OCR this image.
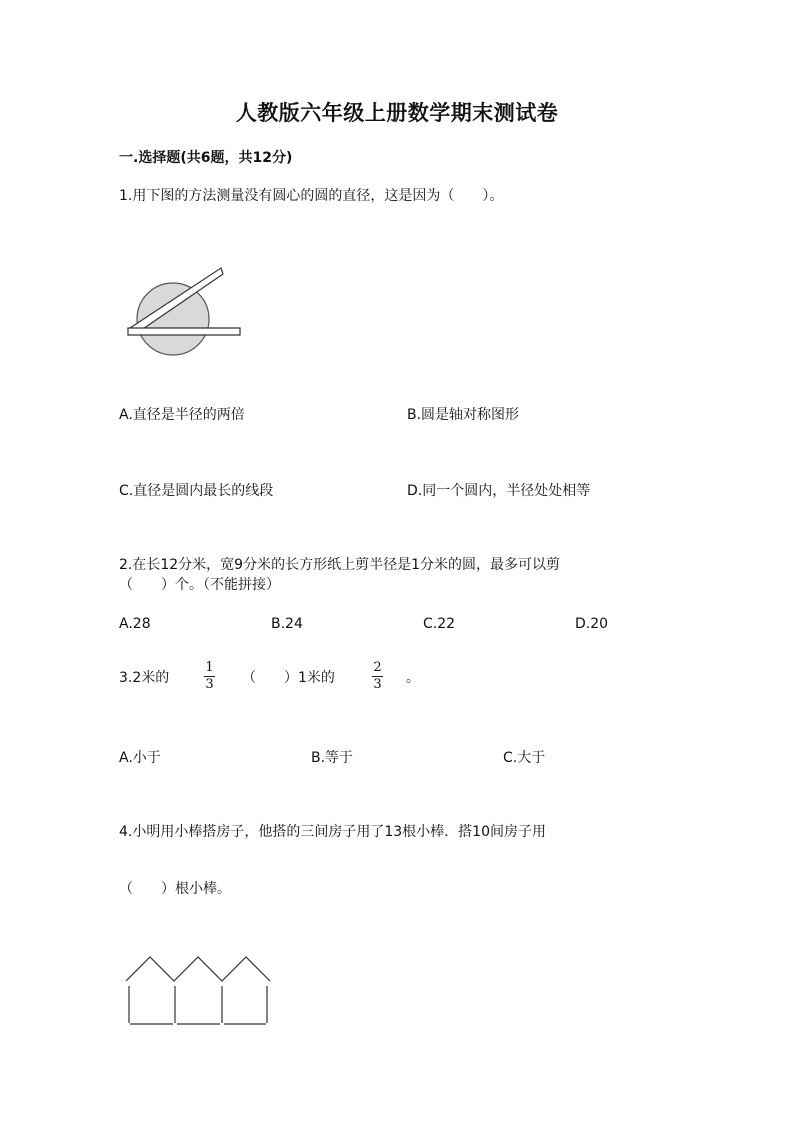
人教版六年级上册数学期末测试卷
一.选择题(共6题，共12分)
1.用下图的方法测量没有圆心的圆的直径，这是因为（　　）。
A.直径是半径的两倍	B.圆是轴对称图形
C.直径是圆内最长的线段	D.同一个圆内，半径处处相等
2.在长12分米，宽9分米的长方形纸上剪半径是1分米的圆，最多可以剪
（　　）个。（不能拼接）
A.28	B.24	C.22	D.20
3.2米的
1
3 （　　）1米的
2
3 。
A.小于	B.等于	C.大于
4.小明用小棒搭房子，他搭的三间房子用了13根小棒．搭10间房子用
（　　）根小棒。
